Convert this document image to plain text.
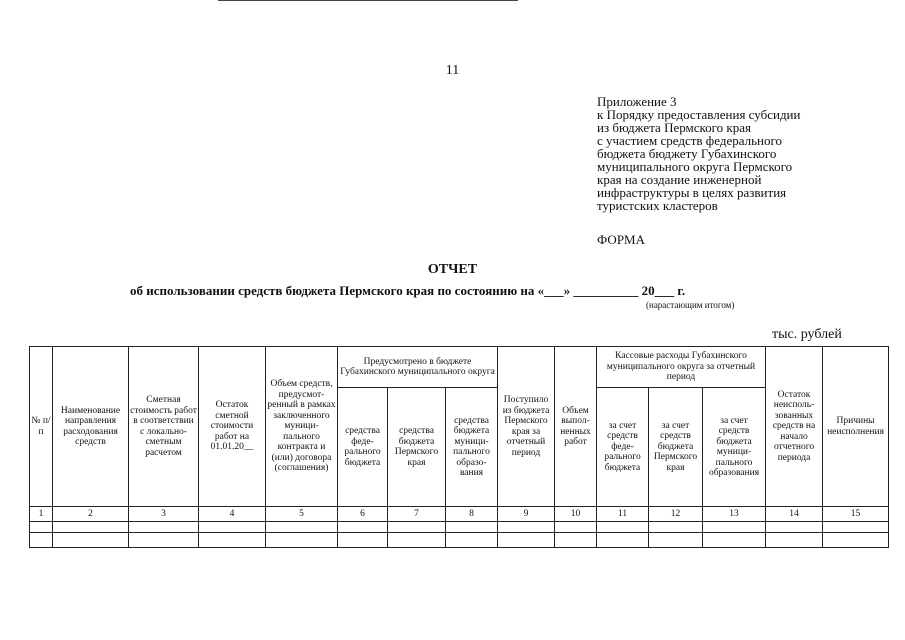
11
Приложение 3
к Порядку предоставления субсидии
из бюджета Пермского края
с участием средств федерального
бюджета бюджету Губахинского
муниципального округа Пермского
края на создание инженерной
инфраструктуры в целях развития
туристских кластеров
ФОРМА
ОТЧЕТ
об использовании средств бюджета Пермского края по состоянию на «___» __________ 20___ г.
(нарастающим итогом)
тыс. рублей
№ п/п	Наименование направления расходования средств	Сметная стоимость работ в соответствии с локально-сметным расчетом	Остаток сметной стоимости работ на 01.01.20__	Объем средств, предусмот-ренный в рамках заключенного муници-пального контракта и (или) договора (соглашения)	Предусмотрено в бюджете Губахинского муниципального округа			Поступило из бюджета Пермского края за отчетный период	Объем выпол-ненных работ	Кассовые расходы Губахинского муниципального округа за отчетный период			Остаток неисполь-зованных средств на начало отчетного периода	Причины неисполнения
					средства феде-рального бюджета	средства бюджета Пермского края	средства бюджета муници-пального образо-вания			за счет средств феде-рального бюджета	за счет средств бюджета Пермского края	за счет средств бюджета муници-пального образования		
1	2	3	4	5	6	7	8	9	10	11	12	13	14	15
